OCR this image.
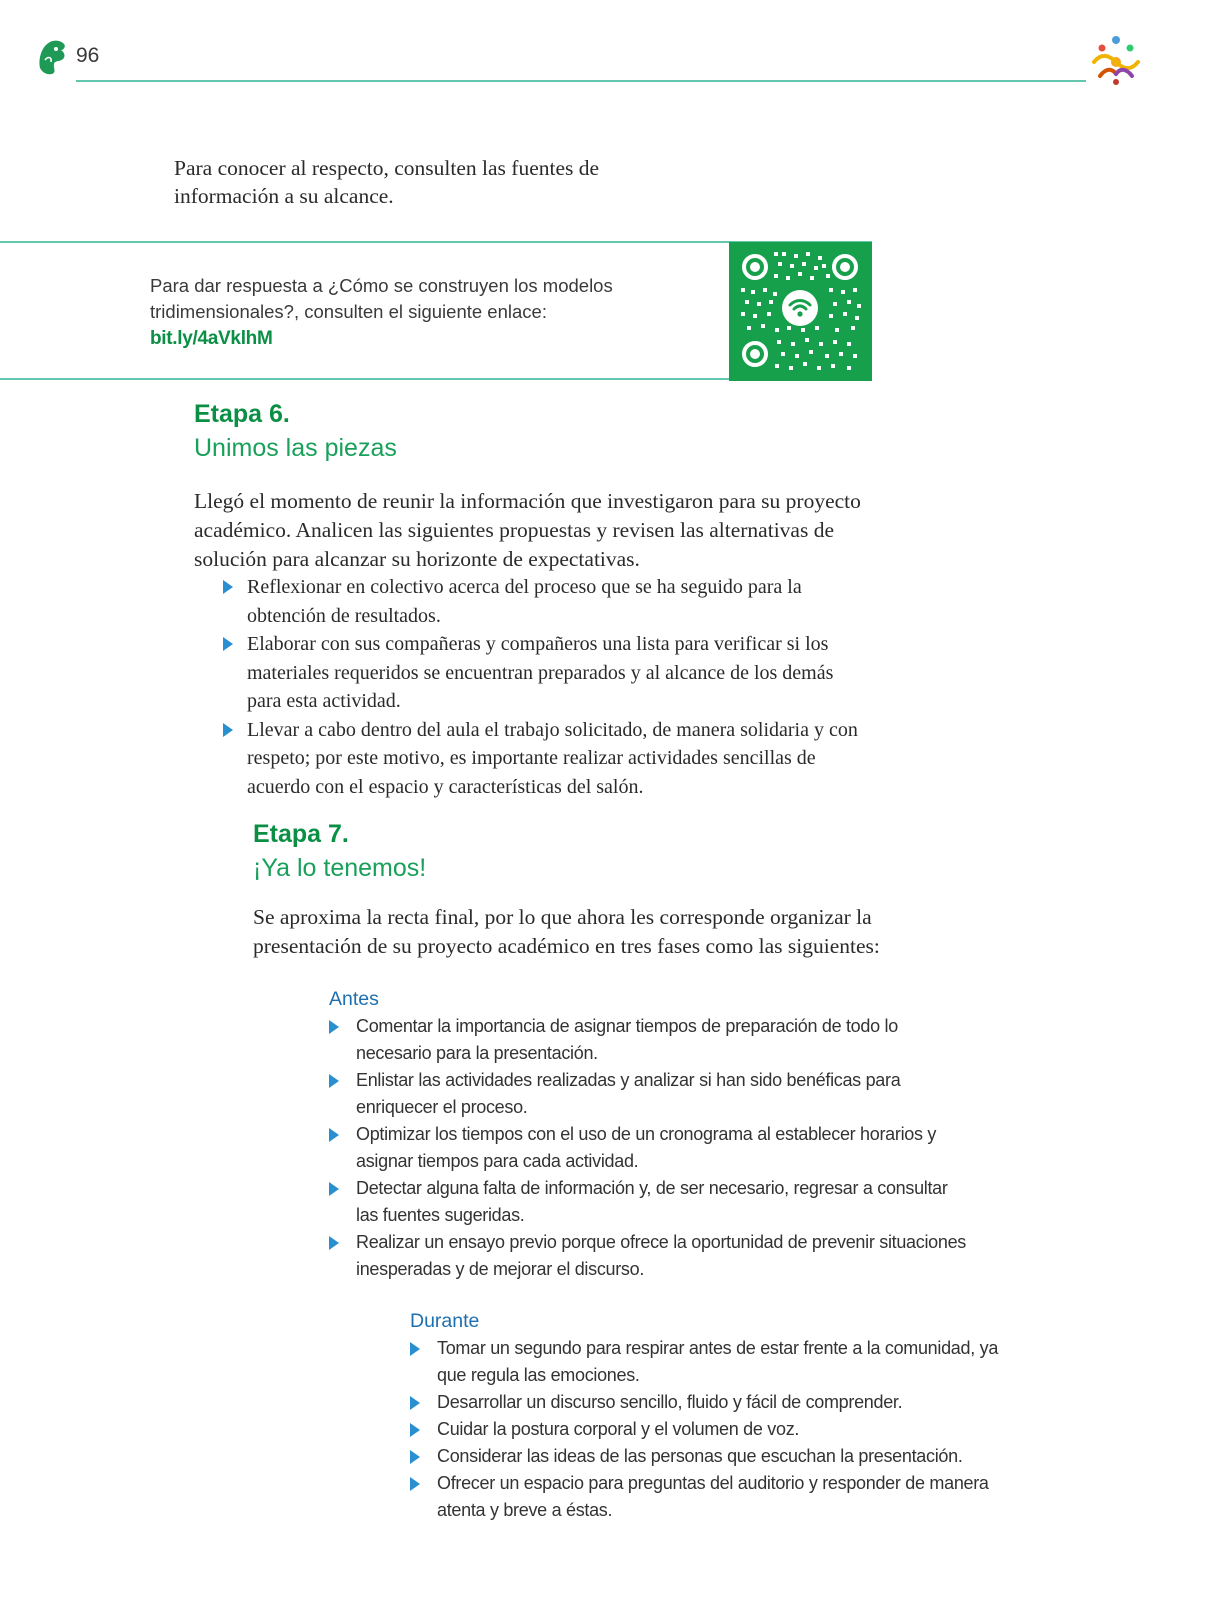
96

Para conocer al respecto, consulten las fuentes de información a su alcance.

Para dar respuesta a ¿Cómo se construyen los modelos tridimensionales?, consulten el siguiente enlace:
bit.ly/4aVklhM
Etapa 6.
Unimos las piezas

Llegó el momento de reunir la información que investigaron para su proyecto académico. Analicen las siguientes propuestas y revisen las alternativas de solución para alcanzar su horizonte de expectativas.

Reflexionar en colectivo acerca del proceso que se ha seguido para la obtención de resultados.
Elaborar con sus compañeras y compañeros una lista para verificar si los materiales requeridos se encuentran preparados y al alcance de los demás para esta actividad.
Llevar a cabo dentro del aula el trabajo solicitado, de manera solidaria y con respeto; por este motivo, es importante realizar actividades sencillas de acuerdo con el espacio y características del salón.
Etapa 7.
¡Ya lo tenemos!

Se aproxima la recta final, por lo que ahora les corresponde organizar la presentación de su proyecto académico en tres fases como las siguientes:

Antes
Comentar la importancia de asignar tiempos de preparación de todo lo necesario para la presentación.
Enlistar las actividades realizadas y analizar si han sido benéficas para enriquecer el proceso.
Optimizar los tiempos con el uso de un cronograma al establecer horarios y asignar tiempos para cada actividad.
Detectar alguna falta de información y, de ser necesario, regresar a consultar las fuentes sugeridas.
Realizar un ensayo previo porque ofrece la oportunidad de prevenir situaciones inesperadas y de mejorar el discurso.
Durante
Tomar un segundo para respirar antes de estar frente a la comunidad, ya que regula las emociones.
Desarrollar un discurso sencillo, fluido y fácil de comprender.
Cuidar la postura corporal y el volumen de voz.
Considerar las ideas de las personas que escuchan la presentación.
Ofrecer un espacio para preguntas del auditorio y responder de manera atenta y breve a éstas.
